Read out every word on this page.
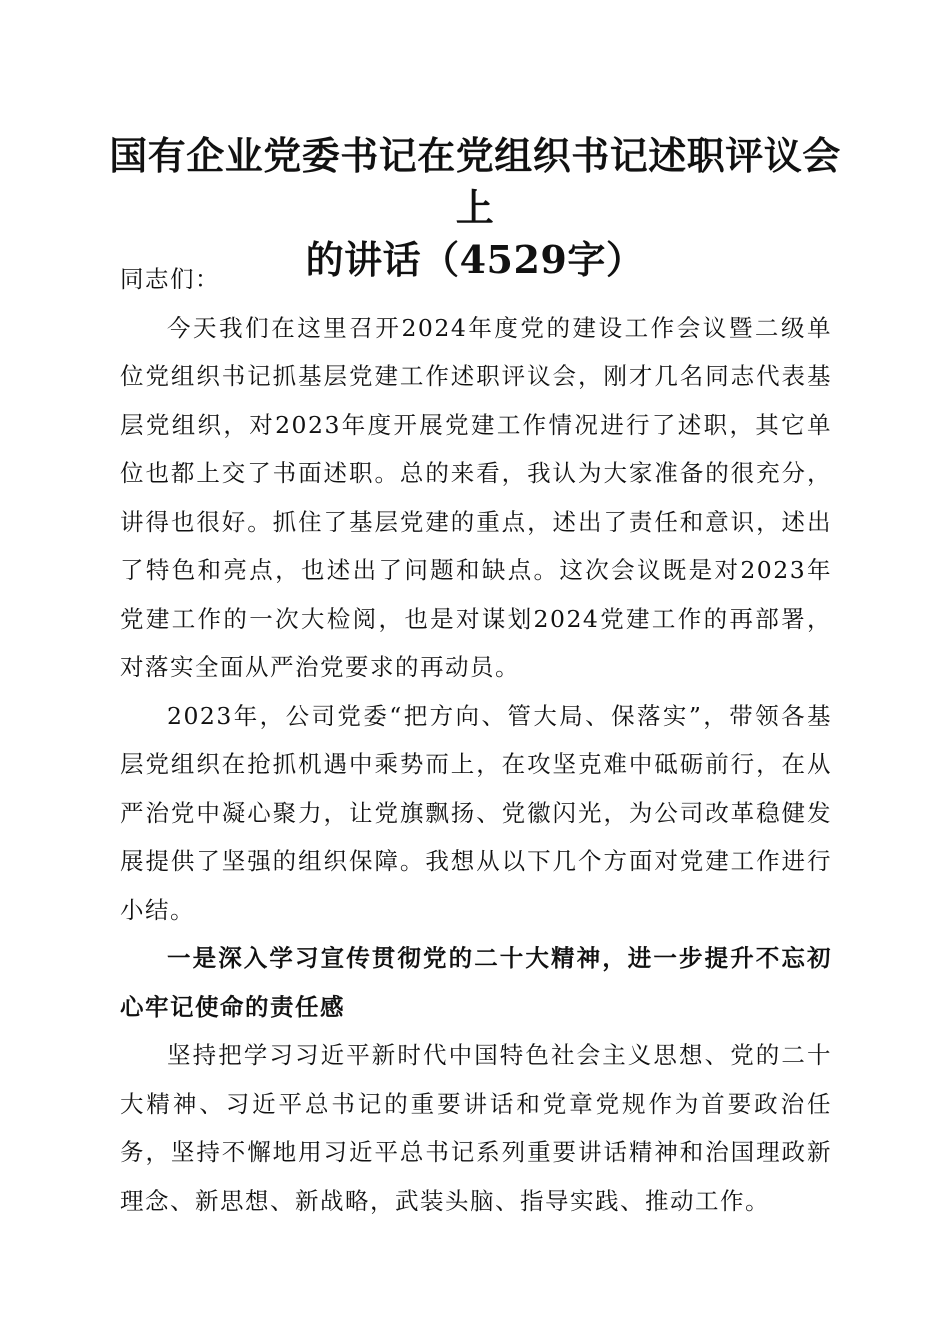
国有企业党委书记在党组织书记述职评议会上
的讲话（4529字）

同志们：

今天我们在这里召开2024年度党的建设工作会议暨二级单位党组织书记抓基层党建工作述职评议会，刚才几名同志代表基层党组织，对2023年度开展党建工作情况进行了述职，其它单位也都上交了书面述职。总的来看，我认为大家准备的很充分，讲得也很好。抓住了基层党建的重点，述出了责任和意识，述出了特色和亮点，也述出了问题和缺点。这次会议既是对2023年党建工作的一次大检阅，也是对谋划2024党建工作的再部署，对落实全面从严治党要求的再动员。

2023年，公司党委“把方向、管大局、保落实”，带领各基层党组织在抢抓机遇中乘势而上，在攻坚克难中砥砺前行，在从严治党中凝心聚力，让党旗飘扬、党徽闪光，为公司改革稳健发展提供了坚强的组织保障。我想从以下几个方面对党建工作进行小结。

一是深入学习宣传贯彻党的二十大精神，进一步提升不忘初心牢记使命的责任感

坚持把学习习近平新时代中国特色社会主义思想、党的二十大精神、习近平总书记的重要讲话和党章党规作为首要政治任务，坚持不懈地用习近平总书记系列重要讲话精神和治国理政新理念、新思想、新战略，武装头脑、指导实践、推动工作。
